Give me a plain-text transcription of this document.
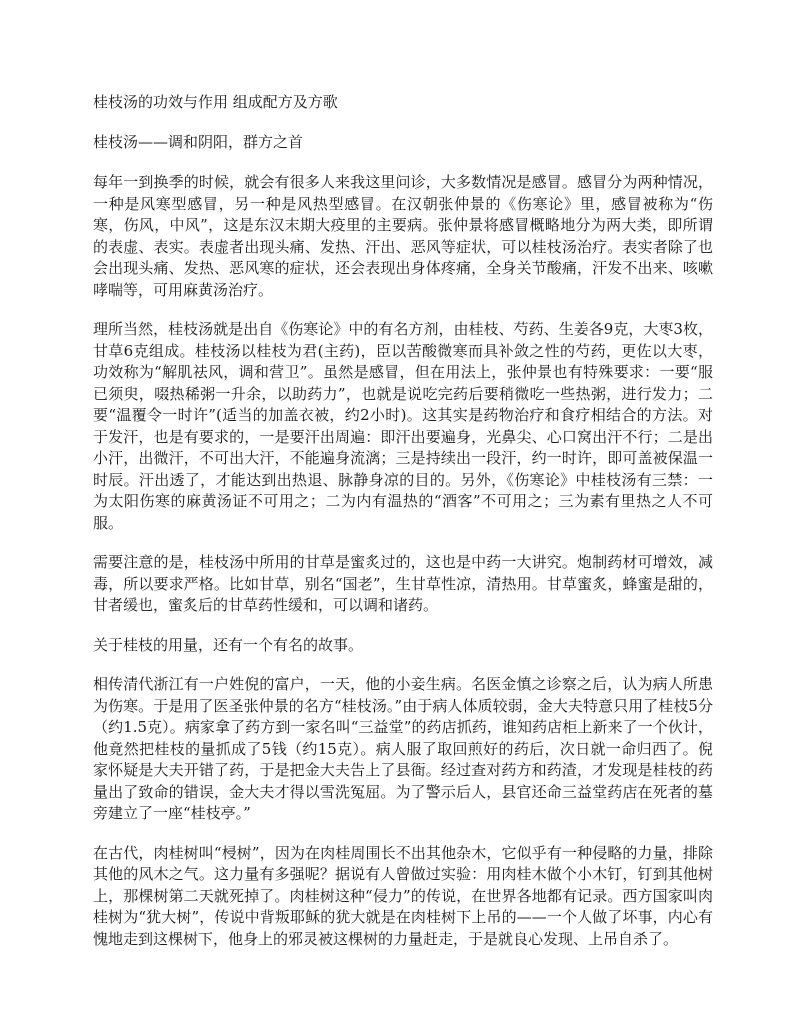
桂枝汤的功效与作用 组成配方及方歌

桂枝汤——调和阴阳，群方之首

每年一到换季的时候，就会有很多人来我这里问诊，大多数情况是感冒。感冒分为两种情况，一种是风寒型感冒，另一种是风热型感冒。在汉朝张仲景的《伤寒论》里，感冒被称为“伤寒，伤风，中风”，这是东汉末期大疫里的主要病。张仲景将感冒概略地分为两大类，即所谓的表虚、表实。表虚者出现头痛、发热、汗出、恶风等症状，可以桂枝汤治疗。表实者除了也会出现头痛、发热、恶风寒的症状，还会表现出身体疼痛，全身关节酸痛，汗发不出来、咳嗽哮喘等，可用麻黄汤治疗。

理所当然，桂枝汤就是出自《伤寒论》中的有名方剂，由桂枝、芍药、生姜各9克，大枣3枚，甘草6克组成。桂枝汤以桂枝为君(主药)，臣以苦酸微寒而具补敛之性的芍药，更佐以大枣，功效称为“解肌祛风，调和营卫”。虽然是感冒，但在用法上，张仲景也有特殊要求：一要“服已须臾，啜热稀粥一升余，以助药力”，也就是说吃完药后要稍微吃一些热粥，进行发力；二要“温覆令一时许”(适当的加盖衣被，约2小时)。这其实是药物治疗和食疗相结合的方法。对于发汗，也是有要求的，一是要汗出周遍：即汗出要遍身，光鼻尖、心口窝出汗不行；二是出小汗，出微汗，不可出大汗，不能遍身流漓；三是持续出一段汗，约一时许，即可盖被保温一时辰。汗出透了，才能达到出热退、脉静身凉的目的。另外，《伤寒论》中桂枝汤有三禁：一为太阳伤寒的麻黄汤证不可用之；二为内有温热的“酒客”不可用之；三为素有里热之人不可服。

需要注意的是，桂枝汤中所用的甘草是蜜炙过的，这也是中药一大讲究。炮制药材可增效，减毒，所以要求严格。比如甘草，别名“国老”，生甘草性凉，清热用。甘草蜜炙，蜂蜜是甜的，甘者缓也，蜜炙后的甘草药性缓和，可以调和诸药。

关于桂枝的用量，还有一个有名的故事。

相传清代浙江有一户姓倪的富户，一天，他的小妾生病。名医金慎之诊察之后，认为病人所患为伤寒。于是用了医圣张仲景的名方“桂枝汤。”由于病人体质较弱，金大夫特意只用了桂枝5分（约1.5克）。病家拿了药方到一家名叫“三益堂”的药店抓药，谁知药店柜上新来了一个伙计，他竟然把桂枝的量抓成了5钱（约15克）。病人服了取回煎好的药后，次日就一命归西了。倪家怀疑是大夫开错了药，于是把金大夫告上了县衙。经过查对药方和药渣，才发现是桂枝的药量出了致命的错误，金大夫才得以雪洗冤屈。为了警示后人，县官还命三益堂药店在死者的墓旁建立了一座“桂枝亭。”

在古代，肉桂树叫“梫树”，因为在肉桂周围长不出其他杂木，它似乎有一种侵略的力量，排除其他的风木之气。这力量有多强呢？据说有人曾做过实验：用肉桂木做个小木钉，钉到其他树上，那棵树第二天就死掉了。肉桂树这种“侵力”的传说，在世界各地都有记录。西方国家叫肉桂树为“犹大树”，传说中背叛耶稣的犹大就是在肉桂树下上吊的——一个人做了坏事，内心有愧地走到这棵树下，他身上的邪灵被这棵树的力量赶走，于是就良心发现、上吊自杀了。
